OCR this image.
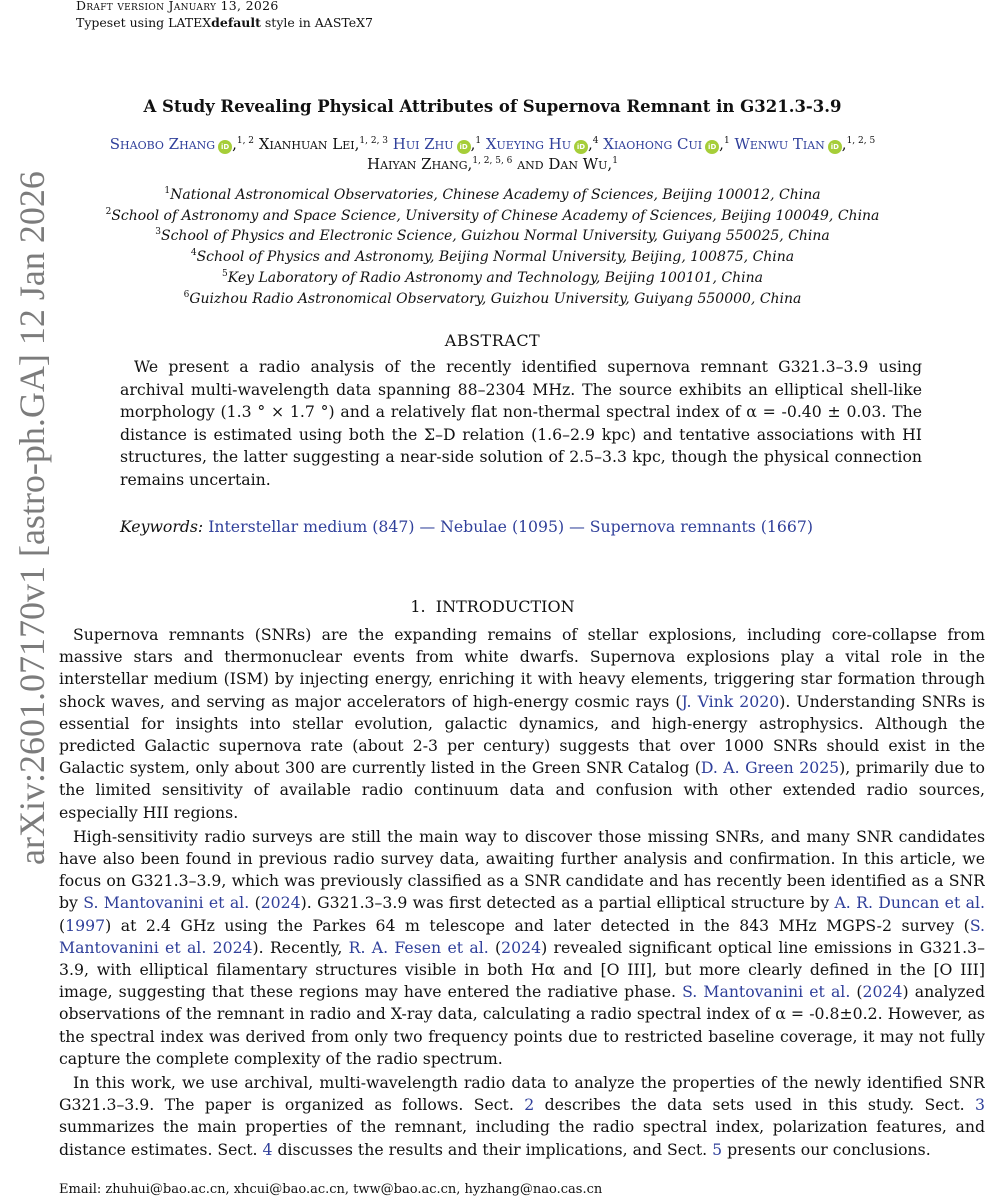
Draft version January 13, 2026
Typeset using LATEXdefault style in AASTeX7
arXiv:2601.07170v1 [astro-ph.GA] 12 Jan 2026
A Study Revealing Physical Attributes of Supernova Remnant in G321.3-3.9
Shaobo Zhang iD ,$^{1, 2}$ Xianhuan Lei,$^{1, 2, 3}$ Hui Zhu iD ,$^1$ Xueying Hu iD ,$^4$ Xiaohong Cui iD ,$^1$ Wenwu Tian iD ,$^{1, 2, 5}$
Haiyan Zhang,$^{1, 2, 5, 6}$ and Dan Wu,$^1$
$^1$National Astronomical Observatories, Chinese Academy of Sciences, Beijing 100012, China
$^2$School of Astronomy and Space Science, University of Chinese Academy of Sciences, Beijing 100049, China
$^3$School of Physics and Electronic Science, Guizhou Normal University, Guiyang 550025, China
$^4$School of Physics and Astronomy, Beijing Normal University, Beijing, 100875, China
$^5$Key Laboratory of Radio Astronomy and Technology, Beijing 100101, China
$^6$Guizhou Radio Astronomical Observatory, Guizhou University, Guiyang 550000, China
ABSTRACT

We present a radio analysis of the recently identified supernova remnant G321.3–3.9 using archival multi-wavelength data spanning 88–2304 MHz. The source exhibits an elliptical shell-like morphology (1.3 ° × 1.7 °) and a relatively flat non-thermal spectral index of α = -0.40 ± 0.03. The distance is estimated using both the Σ–D relation (1.6–2.9 kpc) and tentative associations with HI structures, the latter suggesting a near-side solution of 2.5–3.3 kpc, though the physical connection remains uncertain.

Keywords: Interstellar medium (847) — Nebulae (1095) — Supernova remnants (1667)
1. INTRODUCTION

Supernova remnants (SNRs) are the expanding remains of stellar explosions, including core-collapse from massive stars and thermonuclear events from white dwarfs. Supernova explosions play a vital role in the interstellar medium (ISM) by injecting energy, enriching it with heavy elements, triggering star formation through shock waves, and serving as major accelerators of high-energy cosmic rays (J. Vink 2020). Understanding SNRs is essential for insights into stellar evolution, galactic dynamics, and high-energy astrophysics. Although the predicted Galactic supernova rate (about 2-3 per century) suggests that over 1000 SNRs should exist in the Galactic system, only about 300 are currently listed in the Green SNR Catalog (D. A. Green 2025), primarily due to the limited sensitivity of available radio continuum data and confusion with other extended radio sources, especially HII regions.

High-sensitivity radio surveys are still the main way to discover those missing SNRs, and many SNR candidates have also been found in previous radio survey data, awaiting further analysis and confirmation. In this article, we focus on G321.3–3.9, which was previously classified as a SNR candidate and has recently been identified as a SNR by S. Mantovanini et al. (2024). G321.3–3.9 was first detected as a partial elliptical structure by A. R. Duncan et al. (1997) at 2.4 GHz using the Parkes 64 m telescope and later detected in the 843 MHz MGPS-2 survey (S. Mantovanini et al. 2024). Recently, R. A. Fesen et al. (2024) revealed significant optical line emissions in G321.3–3.9, with elliptical filamentary structures visible in both Hα and [O III], but more clearly defined in the [O III] image, suggesting that these regions may have entered the radiative phase. S. Mantovanini et al. (2024) analyzed observations of the remnant in radio and X-ray data, calculating a radio spectral index of α = -0.8±0.2. However, as the spectral index was derived from only two frequency points due to restricted baseline coverage, it may not fully capture the complete complexity of the radio spectrum.

In this work, we use archival, multi-wavelength radio data to analyze the properties of the newly identified SNR G321.3–3.9. The paper is organized as follows. Sect. 2 describes the data sets used in this study. Sect. 3 summarizes the main properties of the remnant, including the radio spectral index, polarization features, and distance estimates. Sect. 4 discusses the results and their implications, and Sect. 5 presents our conclusions.

Email: zhuhui@bao.ac.cn, xhcui@bao.ac.cn, tww@bao.ac.cn, hyzhang@nao.cas.cn
